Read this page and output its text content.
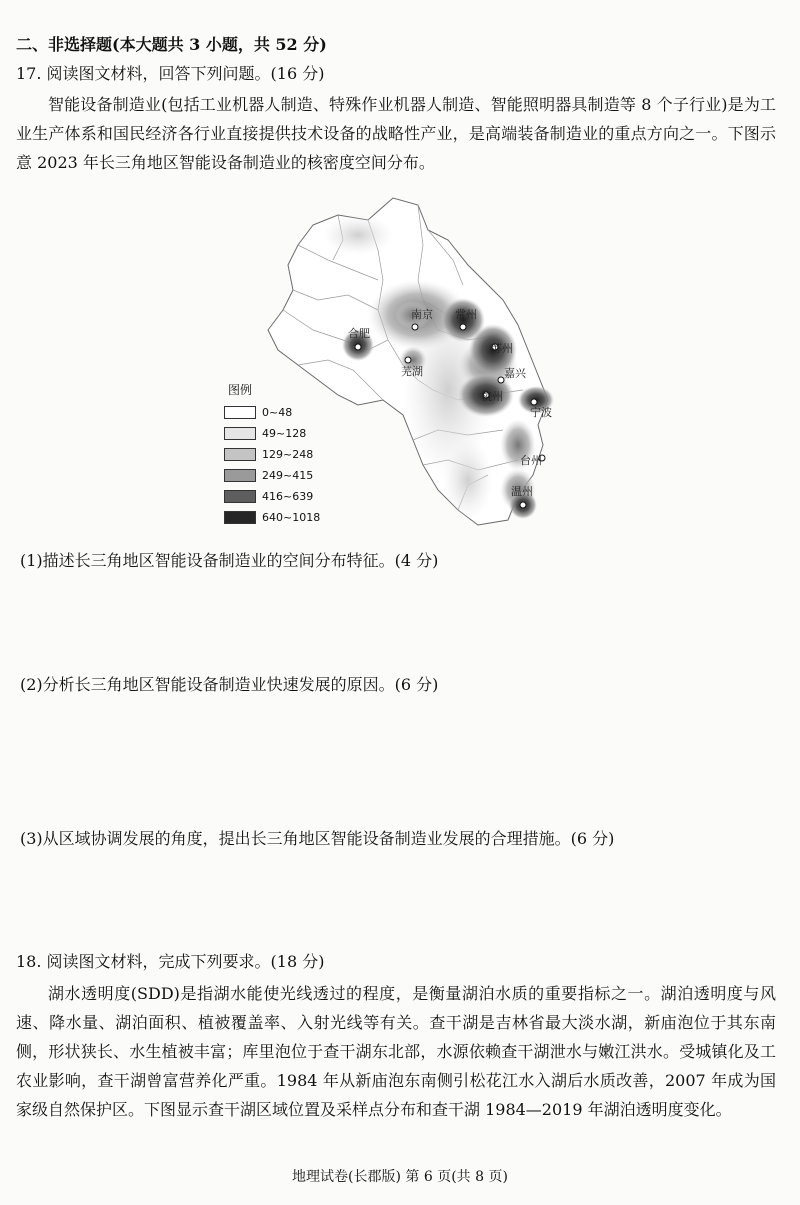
二、非选择题(本大题共 3 小题，共 52 分)
17. 阅读图文材料，回答下列问题。(16 分)
智能设备制造业(包括工业机器人制造、特殊作业机器人制造、智能照明器具制造等 8 个子行业)是为工业生产体系和国民经济各行业直接提供技术设备的战略性产业，是高端装备制造业的重点方向之一。下图示意 2023 年长三角地区智能设备制造业的核密度空间分布。
合肥
南京 常州
芜湖
苏州
嘉兴
杭州
宁波
台州
温州
图例
0~48
49~128
129~248
249~415
416~639
640~1018
(1)描述长三角地区智能设备制造业的空间分布特征。(4 分)
(2)分析长三角地区智能设备制造业快速发展的原因。(6 分)
(3)从区域协调发展的角度，提出长三角地区智能设备制造业发展的合理措施。(6 分)
18. 阅读图文材料，完成下列要求。(18 分)
湖水透明度(SDD)是指湖水能使光线透过的程度，是衡量湖泊水质的重要指标之一。湖泊透明度与风速、降水量、湖泊面积、植被覆盖率、入射光线等有关。查干湖是吉林省最大淡水湖，新庙泡位于其东南侧，形状狭长、水生植被丰富；库里泡位于查干湖东北部，水源依赖查干湖泄水与嫩江洪水。受城镇化及工农业影响，查干湖曾富营养化严重。1984 年从新庙泡东南侧引松花江水入湖后水质改善，2007 年成为国家级自然保护区。下图显示查干湖区域位置及采样点分布和查干湖 1984—2019 年湖泊透明度变化。
地理试卷(长郡版) 第 6 页(共 8 页)
